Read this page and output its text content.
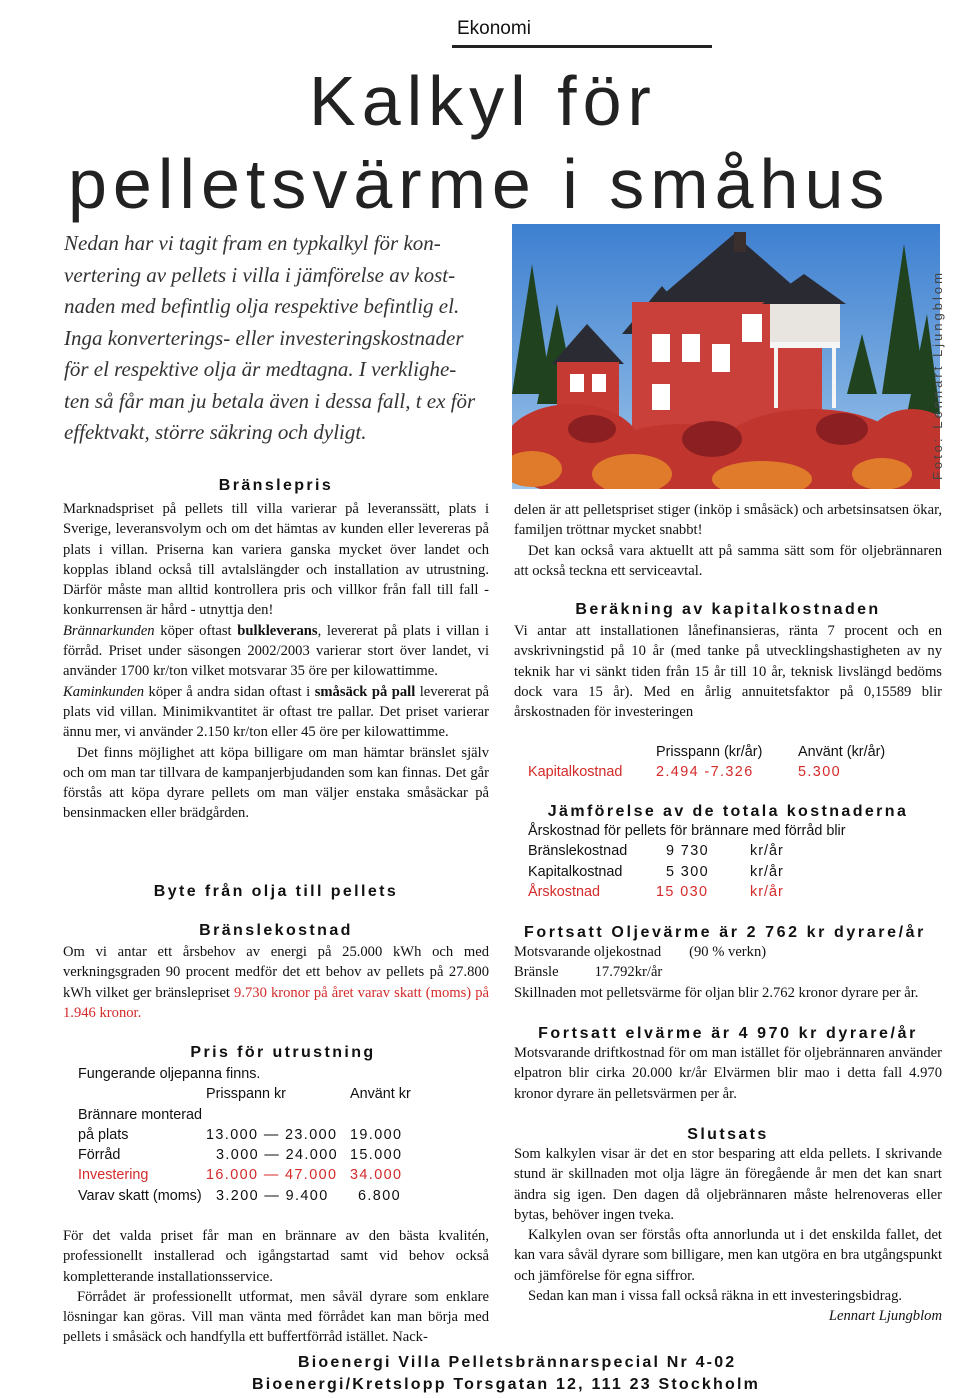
Ekonomi
Kalkyl för
pelletsvärme i småhus
Nedan har vi tagit fram en typkalkyl för kon-
vertering av pellets i villa i jämförelse av kost-
naden med befintlig olja respektive befintlig el.
Inga konverterings- eller investeringskostnader
för el respektive olja är medtagna. I verklighe-
ten så får man ju betala även i dessa fall, t ex för
effektvakt, större säkring och dyligt.	Foto: Lennart Ljungblom
Bränslepris

Marknadspriset på pellets till villa varierar på leveranssätt, plats i Sverige, leveransvolym och om det hämtas av kunden eller levereras på plats i villan. Priserna kan variera ganska mycket över landet och kopplas ibland också till avtalslängder och installation av utrustning. Därför måste man alltid kontrollera pris och villkor från fall till fall - konkurrensen är hård - utnyttja den!

Brännarkunden köper oftast bulkleverans, levererat på plats i villan i förråd. Priset under säsongen 2002/2003 varierar stort över landet, vi använder 1700 kr/ton vilket motsvarar 35 öre per kilowattimme.

Kaminkunden köper å andra sidan oftast i småsäck på pall levererat på plats vid villan. Minimikvantitet är oftast tre pallar. Det priset varierar ännu mer, vi använder 2.150 kr/ton eller 45 öre per kilowattimme.

Det finns möjlighet att köpa billigare om man hämtar bränslet själv och om man tar tillvara de kampanjerbjudanden som kan finnas. Det går förstås att köpa dyrare pellets om man väljer enstaka småsäckar på bensinmacken eller brädgården.

Byte från olja till pellets
Bränslekostnad
Om vi antar ett årsbehov av energi på 25.000 kWh och med verkningsgraden 90 procent medför det ett behov av pellets på 27.800 kWh vilket ger bränslepriset 9.730 kronor på året varav skatt (moms) på 1.946 kronor.
Pris för utrustning
Fungerande oljepanna finns.
Prisspann kr	Använt kr
Brännare monterad
på plats	13.000 — 23.000 19.000
Förråd	3.000 — 24.000 15.000
Investering	16.000 — 47.000 34.000
Varav skatt (moms) 3.200 — 9.400 6.800

För det valda priset får man en brännare av den bästa kvalitén, professionellt installerad och igångstartad samt vid behov också kompletterande installationsservice.

Förrådet är professionellt utformat, men såväl dyrare som enklare lösningar kan göras. Vill man vänta med förrådet kan man börja med pellets i småsäck och handfylla ett buffertförråd istället. Nack-

delen är att pelletspriset stiger (inköp i småsäck) och arbetsinsatsen ökar, familjen tröttnar mycket snabbt!

Det kan också vara aktuellt att på samma sätt som för oljebrännaren att också teckna ett serviceavtal.

Beräkning av kapitalkostnaden
Vi antar att installationen lånefinansieras, ränta 7 procent och en avskrivningstid på 10 år (med tanke på utvecklingshastigheten av ny teknik har vi sänkt tiden från 15 år till 10 år, teknisk livslängd bedöms dock vara 15 år). Med en årlig annuitetsfaktor på 0,15589 blir årskostnaden för investeringen
Prisspann (kr/år) Använt (kr/år)
Kapitalkostnad 2.494 -7.326	5.300
Jämförelse av de totala kostnaderna
Årskostnad för pellets för brännare med förråd blir
Bränslekostnad	9 730	kr/år
Kapitalkostnad	5 300	kr/år
Årskostnad	15 030	kr/år
Fortsatt Oljevärme är 2 762 kr dyrare/år
Motsvarande oljekostnad (90 % verkn)
Bränsle 17.792kr/år
Skillnaden mot pelletsvärme för oljan blir 2.762 kronor dyrare per år.
Fortsatt elvärme är 4 970 kr dyrare/år
Motsvarande driftkostnad för om man istället för oljebrännaren använder elpatron blir cirka 20.000 kr/år Elvärmen blir mao i detta fall 4.970 kronor dyrare än pelletsvärmen per år.
Slutsats

Som kalkylen visar är det en stor besparing att elda pellets. I skrivande stund är skillnaden mot olja lägre än föregående år men det kan snart ändra sig igen. Den dagen då oljebrännaren måste helrenoveras eller bytas, behöver ingen tveka.

Kalkylen ovan ser förstås ofta annorlunda ut i det enskilda fallet, det kan vara såväl dyrare som billigare, men kan utgöra en bra utgångspunkt och jämförelse för egna siffror.

Sedan kan man i vissa fall också räkna in ett investeringsbidrag.

Lennart Ljungblom

Bioenergi Villa Pelletsbrännarspecial Nr 4-02
Bioenergi/Kretslopp Torsgatan 12, 111 23 Stockholm
